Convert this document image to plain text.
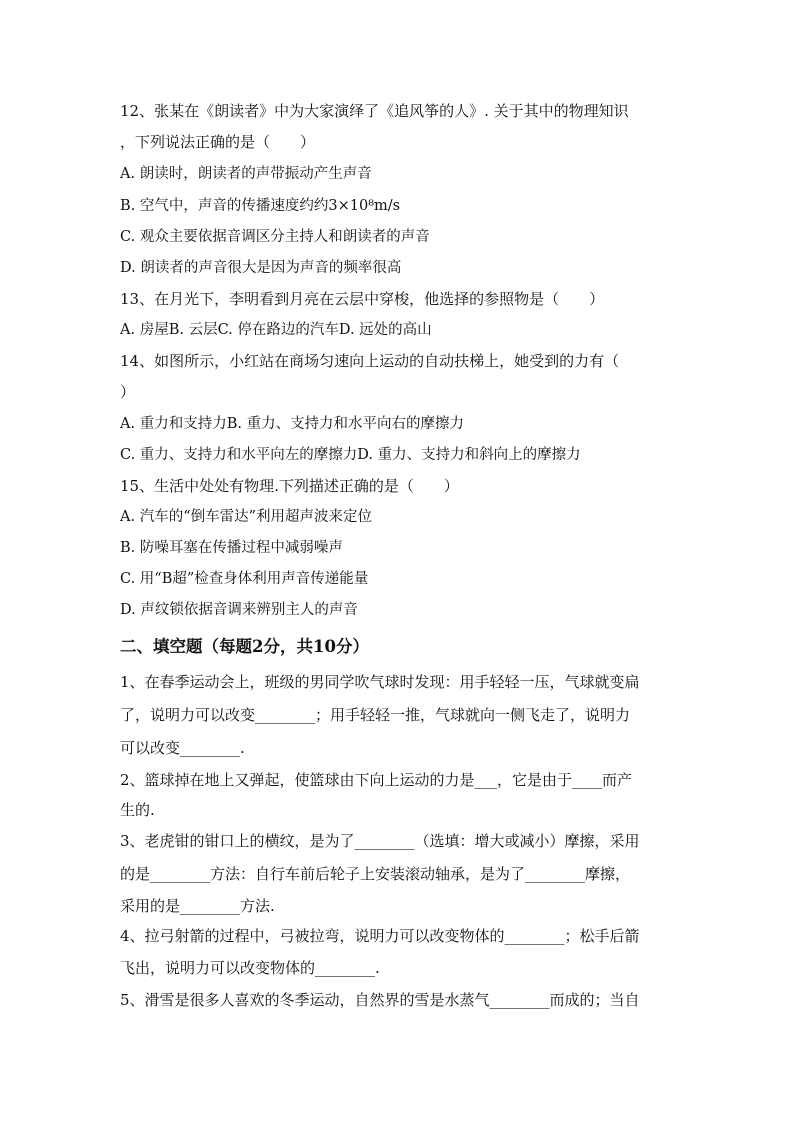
12、张某在《朗读者》中为大家演绎了《追风筝的人》. 关于其中的物理知识
，下列说法正确的是（　　）
A. 朗读时，朗读者的声带振动产生声音
B. 空气中，声音的传播速度约约3×10⁸m/s
C. 观众主要依据音调区分主持人和朗读者的声音
D. 朗读者的声音很大是因为声音的频率很高
13、在月光下，李明看到月亮在云层中穿梭，他选择的参照物是（　　）
A. 房屋B. 云层C. 停在路边的汽车D. 远处的高山
14、如图所示，小红站在商场匀速向上运动的自动扶梯上，她受到的力有（
）
A. 重力和支持力B. 重力、支持力和水平向右的摩擦力
C. 重力、支持力和水平向左的摩擦力D. 重力、支持力和斜向上的摩擦力
15、生活中处处有物理.下列描述正确的是（　　）
A. 汽车的“倒车雷达”利用超声波来定位
B. 防噪耳塞在传播过程中减弱噪声
C. 用“B超”检查身体利用声音传递能量
D. 声纹锁依据音调来辨别主人的声音
二、填空题（每题2分，共10分）
1、在春季运动会上，班级的男同学吹气球时发现：用手轻轻一压，气球就变扁
了，说明力可以改变________；用手轻轻一推，气球就向一侧飞走了，说明力
可以改变________.
2、篮球掉在地上又弹起，使篮球由下向上运动的力是___，它是由于____而产
生的.
3、老虎钳的钳口上的横纹，是为了________（选填：增大或减小）摩擦，采用
的是________方法：自行车前后轮子上安装滚动轴承，是为了________摩擦，
采用的是________方法.
4、拉弓射箭的过程中，弓被拉弯，说明力可以改变物体的________；松手后箭
飞出，说明力可以改变物体的________.
5、滑雪是很多人喜欢的冬季运动，自然界的雪是水蒸气________而成的；当自
